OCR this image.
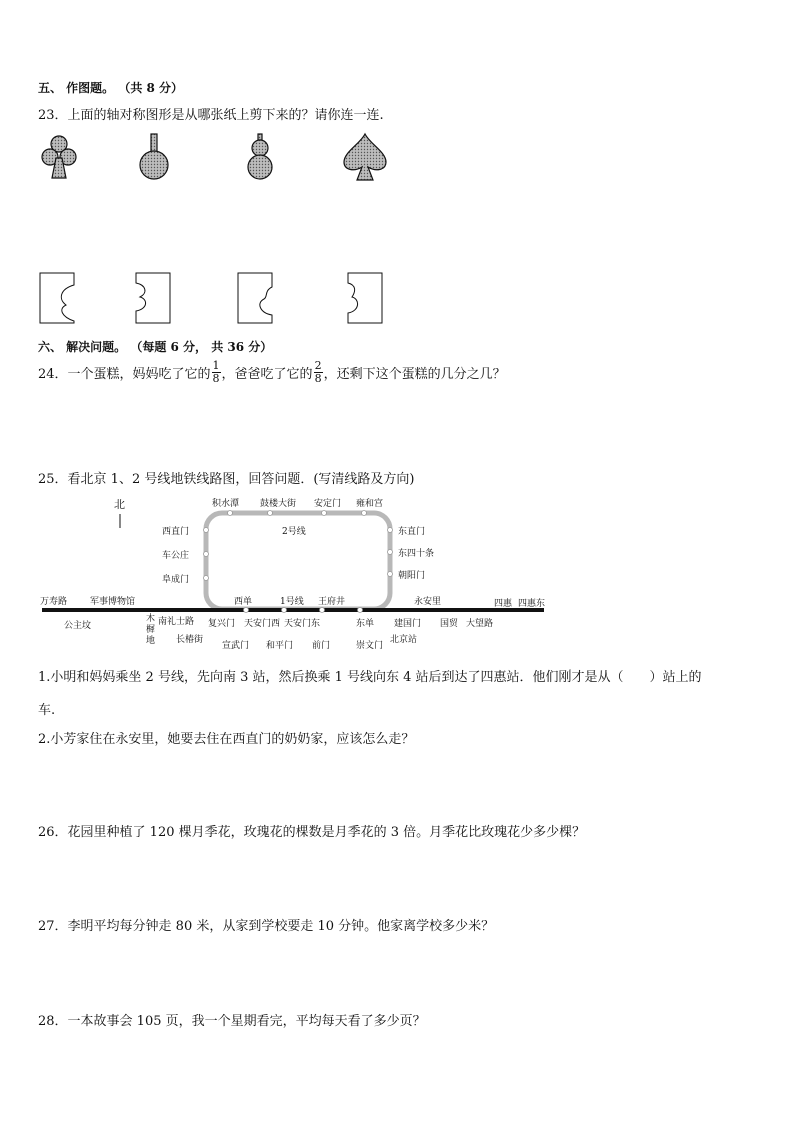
五、 作图题。 （共 8 分）
23．上面的轴对称图形是从哪张纸上剪下来的？请你连一连.
六、 解决问题。 （每题 6 分， 共 36 分）
24．一个蛋糕，妈妈吃了它的 $\frac{1}{8}$ ，爸爸吃了它的 $\frac{2}{8}$ ，还剩下这个蛋糕的几分之几？
25．看北京 1、2 号线地铁线路图，回答问题．(写清线路及方向)
北
2号线
积水潭 鼓楼大街 安定门 雍和宫
西直门
车公庄
阜成门
东直门
东四十条
朝阳门
万寿路	军事博物馆	西单	1号线 王府井	永安里	四惠 四惠东
公主坟
木樨地
南礼士路
长椿街
复兴门 天安门西 天安门东	东单
宣武门 和平门 前门	崇文门
建国门
北京站
国贸 大望路
1.小明和妈妈乘坐 2 号线，先向南 3 站，然后换乘 1 号线向东 4 站后到达了四惠站．他们刚才是从（　　）站上的
车.
2.小芳家住在永安里，她要去住在西直门的奶奶家，应该怎么走？
26．花园里种植了 120 棵月季花，玫瑰花的棵数是月季花的 3 倍。月季花比玫瑰花少多少棵？
27．李明平均每分钟走 80 米，从家到学校要走 10 分钟。他家离学校多少米？
28．一本故事会 105 页，我一个星期看完，平均每天看了多少页？
